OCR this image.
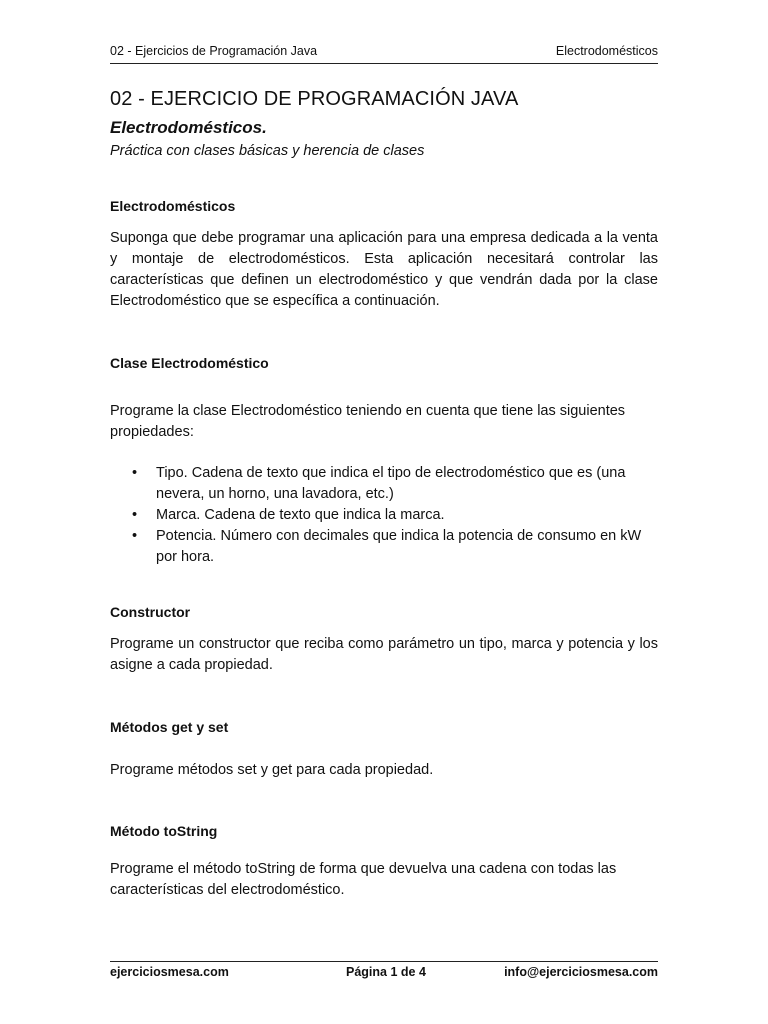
02 - Ejercicios de Programación Java	Electrodomésticos
02 - EJERCICIO DE PROGRAMACIÓN JAVA
Electrodomésticos.
Práctica con clases básicas y herencia de clases
Electrodomésticos

Suponga que debe programar una aplicación para una empresa dedicada a la venta y montaje de electrodomésticos. Esta aplicación necesitará controlar las características que definen un electrodoméstico y que vendrán dada por la clase Electrodoméstico que se específica a continuación.

Clase Electrodoméstico

Programe la clase Electrodoméstico teniendo en cuenta que tiene las siguientes propiedades:

• Tipo. Cadena de texto que indica el tipo de electrodoméstico que es (una nevera, un horno, una lavadora, etc.)
• Marca. Cadena de texto que indica la marca.
• Potencia. Número con decimales que indica la potencia de consumo en kW por hora.
Constructor

Programe un constructor que reciba como parámetro un tipo, marca y potencia y los asigne a cada propiedad.

Métodos get y set

Programe métodos set y get para cada propiedad.

Método toString

Programe el método toString de forma que devuelva una cadena con todas las características del electrodoméstico.

ejerciciosmesa.com	Página 1 de 4	info@ejerciciosmesa.com
